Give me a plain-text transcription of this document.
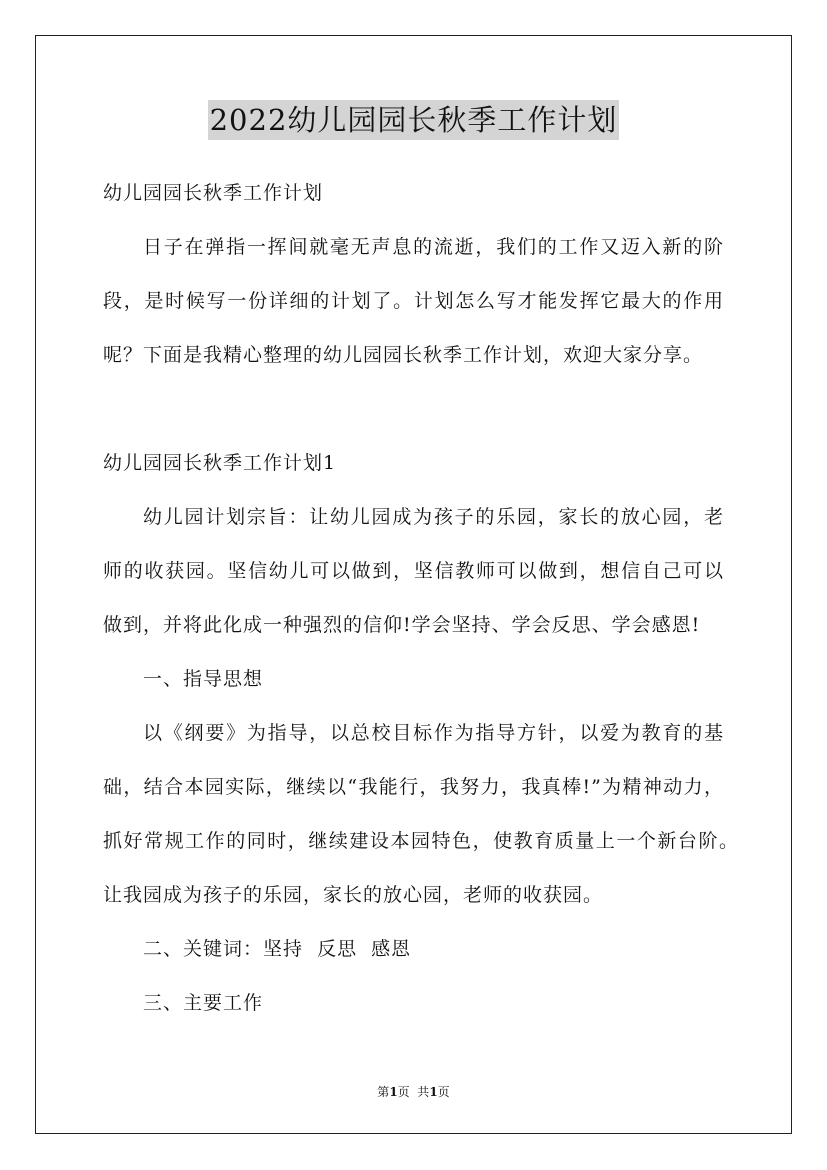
2022幼儿园园长秋季工作计划
幼儿园园长秋季工作计划
日子在弹指一挥间就毫无声息的流逝，我们的工作又迈入新的阶
段，是时候写一份详细的计划了。计划怎么写才能发挥它最大的作用
呢？下面是我精心整理的幼儿园园长秋季工作计划，欢迎大家分享。
幼儿园园长秋季工作计划1
幼儿园计划宗旨：让幼儿园成为孩子的乐园，家长的放心园，老
师的收获园。坚信幼儿可以做到，坚信教师可以做到，想信自己可以
做到，并将此化成一种强烈的信仰!学会坚持、学会反思、学会感恩!
一、指导思想
以《纲要》为指导，以总校目标作为指导方针，以爱为教育的基
础，结合本园实际，继续以“我能行，我努力，我真棒!”为精神动力，
抓好常规工作的同时，继续建设本园特色，使教育质量上一个新台阶。
让我园成为孩子的乐园，家长的放心园，老师的收获园。
二、关键词：坚持  反思  感恩
三、主要工作
第1页  共1页
